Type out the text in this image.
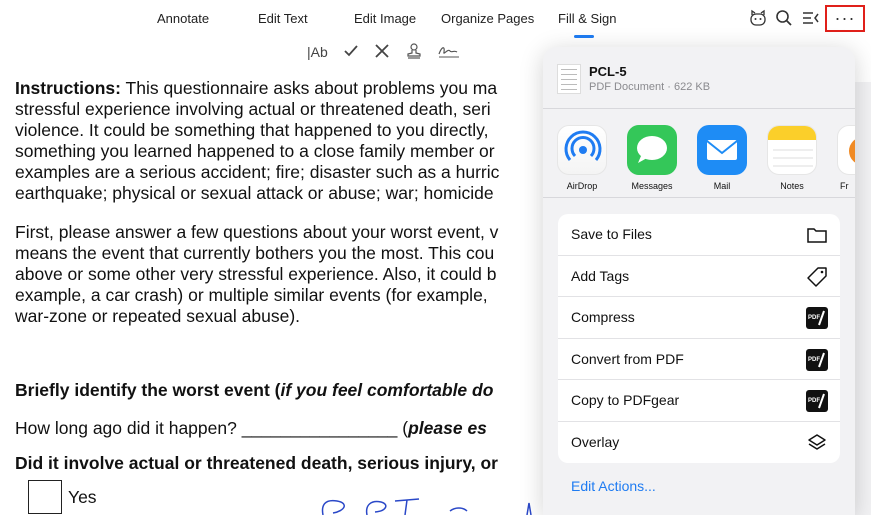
Annotate	Edit Text	Edit Image Organize Pages Fill & Sign	···
|Ab
Instructions: This questionnaire asks about problems you ma
stressful experience involving actual or threatened death, seri
violence. It could be something that happened to you directly,
something you learned happened to a close family member or
examples are a serious accident; fire; disaster such as a hurric
earthquake; physical or sexual attack or abuse; war; homicide
First, please answer a few questions about your worst event, v
means the event that currently bothers you the most. This cou
above or some other very stressful experience. Also, it could b
example, a car crash) or multiple similar events (for example,
war-zone or repeated sexual abuse).
Briefly identify the worst event (if you feel comfortable do
How long ago did it happen? ________________ (please es
Did it involve actual or threatened death, serious injury, or
Yes
PCL-5
PDF Document · 622 KB
AirDrop	Messages	Mail	Notes	Fr
Save to Files
Add Tags
Compress	PDF
Convert from PDF	PDF
Copy to PDFgear	PDF
Overlay
Edit Actions...
